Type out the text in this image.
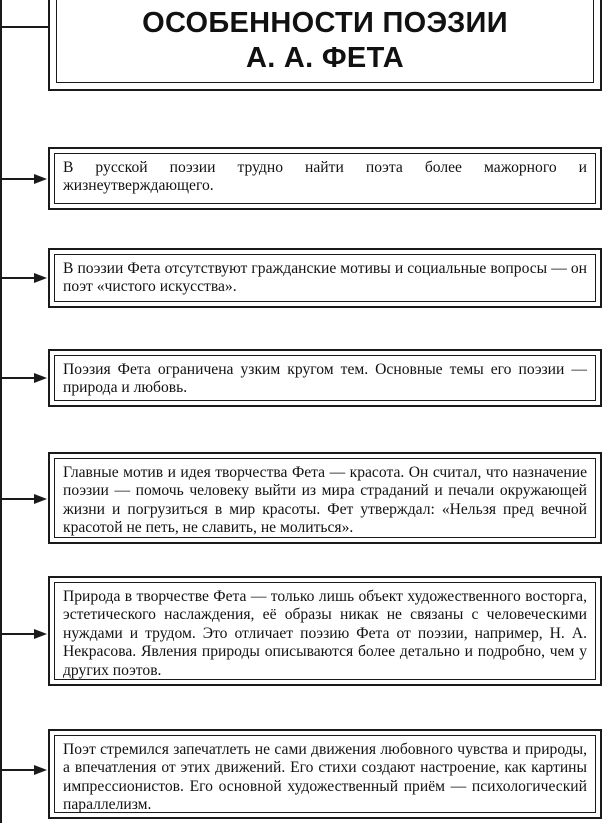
ОСОБЕННОСТИ ПОЭЗИИ
А. А. ФЕТА

В русской поэзии трудно найти поэта более мажорного и жизнеутверждающего.

В поэзии Фета отсутствуют гражданские мотивы и социальные вопросы — он поэт «чистого искусства».

Поэзия Фета ограничена узким кругом тем. Основные темы его поэзии — природа и любовь.

Главные мотив и идея творчества Фета — красота. Он считал, что назначение поэзии — помочь человеку выйти из мира страданий и печали окружающей жизни и погрузиться в мир красоты. Фет утверждал: «Нельзя пред вечной красотой не петь, не славить, не молиться».

Природа в творчестве Фета — только лишь объект художественного восторга, эстетического наслаждения, её образы никак не связаны с человеческими нуждами и трудом. Это отличает поэзию Фета от поэзии, например, Н. А. Некрасова. Явления природы описываются более детально и подробно, чем у других поэтов.

Поэт стремился запечатлеть не сами движения любовного чувства и природы, а впечатления от этих движений. Его стихи создают настроение, как картины импрессионистов. Его основной художественный приём — психологический параллелизм.
